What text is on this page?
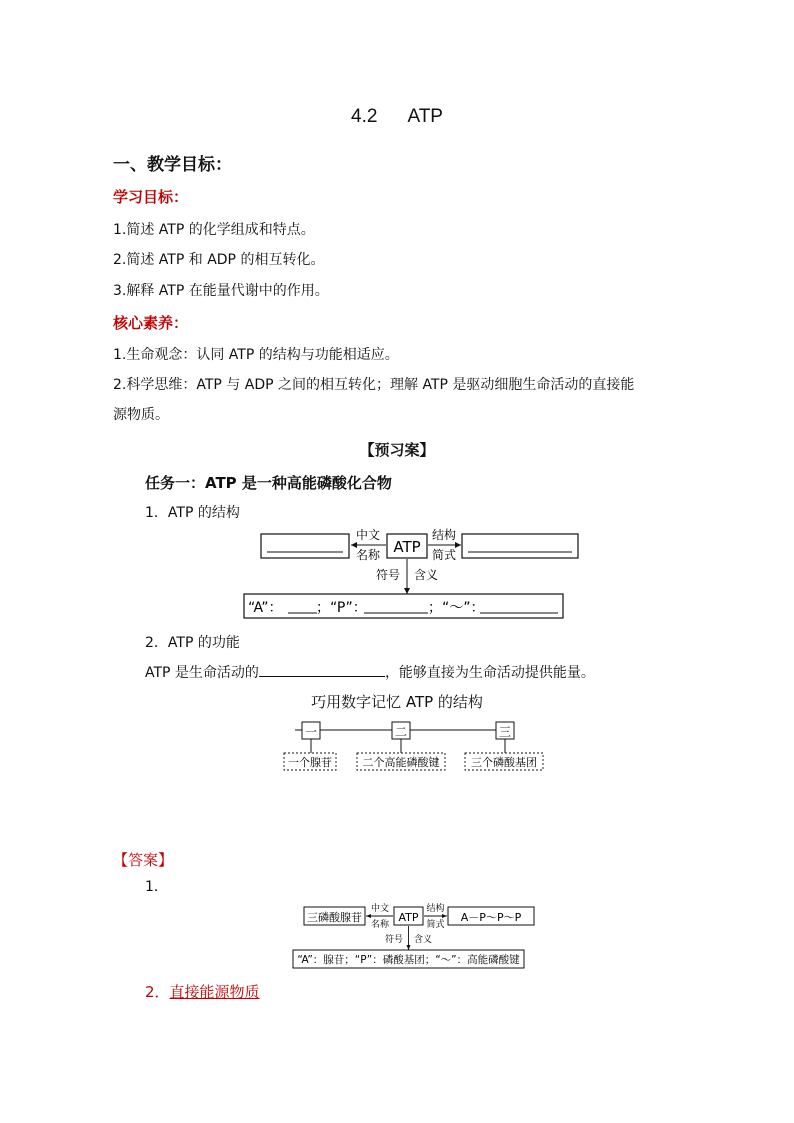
4.2 ATP
一、教学目标：
学习目标：
1.简述 ATP 的化学组成和特点。
2.简述 ATP 和 ADP 的相互转化。
3.解释 ATP 在能量代谢中的作用。
核心素养：
1.生命观念：认同 ATP 的结构与功能相适应。
2.科学思维：ATP 与 ADP 之间的相互转化；理解 ATP 是驱动细胞生命活动的直接能
源物质。
【预习案】
任务一：ATP 是一种高能磷酸化合物
1．ATP 的结构
ATP
中文
名称
结构
简式
符号 含义
“A”： ；“P”：	；“～”：
2．ATP 的功能
ATP 是生命活动的	，能够直接为生命活动提供能量。
巧用数字记忆 ATP 的结构
一	二	三
一个腺苷	二个高能磷酸键	三个磷酸基团
【答案】
1．
三磷酸腺苷	ATP	A－P～P～P
中文
名称
结构
简式
符号 含义
“A”：腺苷；“P”：磷酸基团；“～”：高能磷酸键
2．直接能源物质
